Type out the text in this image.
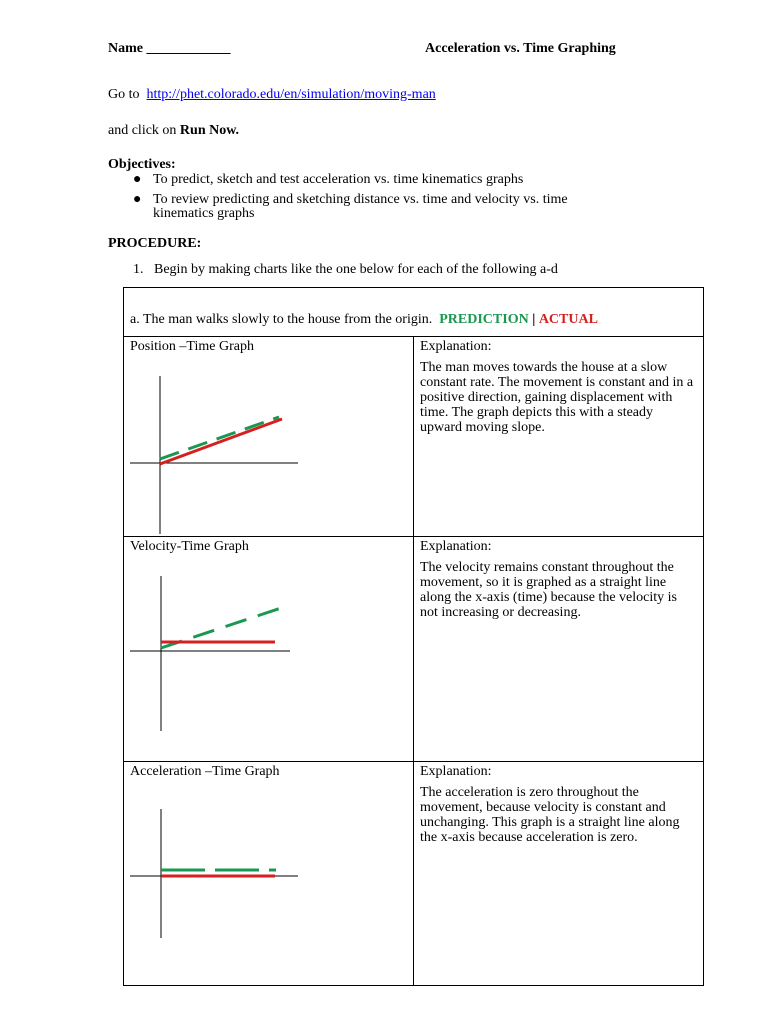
Name ____________	Acceleration vs. Time Graphing
Go to http://phet.colorado.edu/en/simulation/moving-man
and click on Run Now.
Objectives:
● To predict, sketch and test acceleration vs. time kinematics graphs
● To review predicting and sketching distance vs. time and velocity vs. time kinematics graphs
PROCEDURE:
1. Begin by making charts like the one below for each of the following a-d
a. The man walks slowly to the house from the origin. PREDICTION | ACTUAL	

Position –Time Graph	Explanation:

The man moves towards the house at a slow constant rate. The movement is constant and in a positive direction, gaining displacement with time. The graph depicts this with a steady upward moving slope.

Velocity-Time Graph	Explanation:

The velocity remains constant throughout the movement, so it is graphed as a straight line along the x-axis (time) because the velocity is not increasing or decreasing.

Acceleration –Time Graph	Explanation:

The acceleration is zero throughout the movement, because velocity is constant and unchanging. This graph is a straight line along the x-axis because acceleration is zero.
